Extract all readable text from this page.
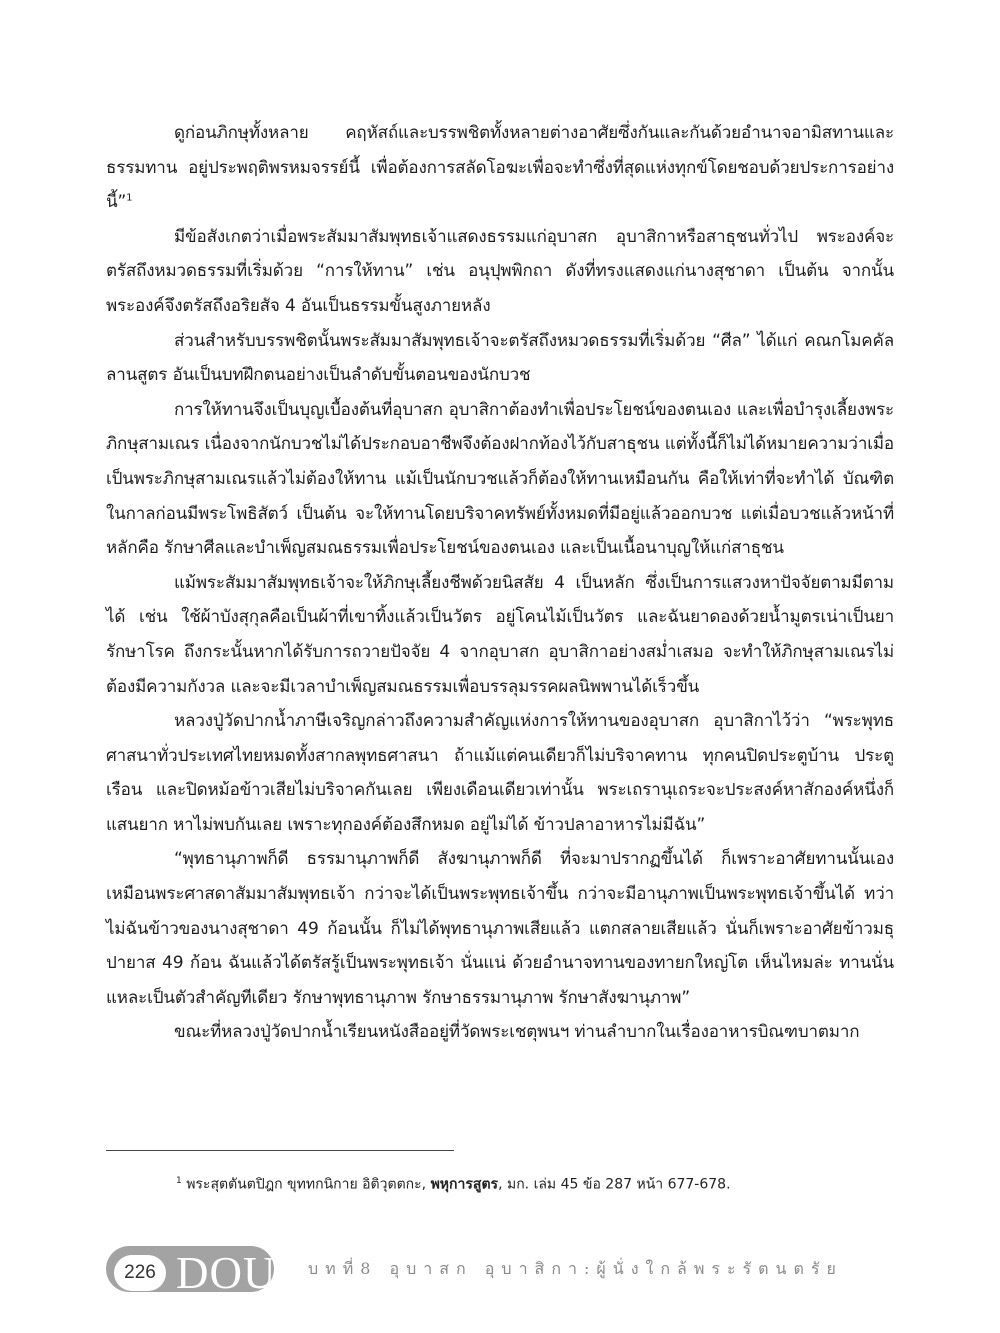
ดูก่อนภิกษุทั้งหลาย คฤหัสถ์และบรรพชิตทั้งหลายต่างอาศัยซึ่งกันและกันด้วยอำนาจอามิสทานและธรรมทาน อยู่ประพฤติพรหมจรรย์นี้ เพื่อต้องการสลัดโอฆะเพื่อจะทำซึ่งที่สุดแห่งทุกข์โดยชอบด้วยประการอย่างนี้”$^1$

มีข้อสังเกตว่าเมื่อพระสัมมาสัมพุทธเจ้าแสดงธรรมแก่อุบาสก อุบาสิกาหรือสาธุชนทั่วไป พระองค์จะตรัสถึงหมวดธรรมที่เริ่มด้วย “การให้ทาน” เช่น อนุปุพพิกถา ดังที่ทรงแสดงแก่นางสุชาดา เป็นต้น จากนั้นพระองค์จึงตรัสถึงอริยสัจ 4 อันเป็นธรรมขั้นสูงภายหลัง

ส่วนสำหรับบรรพชิตนั้นพระสัมมาสัมพุทธเจ้าจะตรัสถึงหมวดธรรมที่เริ่มด้วย “ศีล” ได้แก่ คณกโมคคัลลานสูตร อันเป็นบทฝึกตนอย่างเป็นลำดับขั้นตอนของนักบวช

การให้ทานจึงเป็นบุญเบื้องต้นที่อุบาสก อุบาสิกาต้องทำเพื่อประโยชน์ของตนเอง และเพื่อบำรุงเลี้ยงพระภิกษุสามเณร เนื่องจากนักบวชไม่ได้ประกอบอาชีพจึงต้องฝากท้องไว้กับสาธุชน แต่ทั้งนี้ก็ไม่ได้หมายความว่าเมื่อเป็นพระภิกษุสามเณรแล้วไม่ต้องให้ทาน แม้เป็นนักบวชแล้วก็ต้องให้ทานเหมือนกัน คือให้เท่าที่จะทำได้ บัณฑิตในกาลก่อนมีพระโพธิสัตว์ เป็นต้น จะให้ทานโดยบริจาคทรัพย์ทั้งหมดที่มีอยู่แล้วออกบวช แต่เมื่อบวชแล้วหน้าที่หลักคือ รักษาศีลและบำเพ็ญสมณธรรมเพื่อประโยชน์ของตนเอง และเป็นเนื้อนาบุญให้แก่สาธุชน

แม้พระสัมมาสัมพุทธเจ้าจะให้ภิกษุเลี้ยงชีพด้วยนิสสัย 4 เป็นหลัก ซึ่งเป็นการแสวงหาปัจจัยตามมีตามได้ เช่น ใช้ผ้าบังสุกุลคือเป็นผ้าที่เขาทิ้งแล้วเป็นวัตร อยู่โคนไม้เป็นวัตร และฉันยาดองด้วยน้ำมูตรเน่าเป็นยารักษาโรค ถึงกระนั้นหากได้รับการถวายปัจจัย 4 จากอุบาสก อุบาสิกาอย่างสม่ำเสมอ จะทำให้ภิกษุสามเณรไม่ต้องมีความกังวล และจะมีเวลาบำเพ็ญสมณธรรมเพื่อบรรลุมรรคผลนิพพานได้เร็วขึ้น

หลวงปู่วัดปากน้ำภาษีเจริญกล่าวถึงความสำคัญแห่งการให้ทานของอุบาสก อุบาสิกาไว้ว่า “พระพุทธศาสนาทั่วประเทศไทยหมดทั้งสากลพุทธศาสนา ถ้าแม้แต่คนเดียวก็ไม่บริจาคทาน ทุกคนปิดประตูบ้าน ประตูเรือน และปิดหม้อข้าวเสียไม่บริจาคกันเลย เพียงเดือนเดียวเท่านั้น พระเถรานุเถระจะประสงค์หาสักองค์หนึ่งก็แสนยาก หาไม่พบกันเลย เพราะทุกองค์ต้องสึกหมด อยู่ไม่ได้ ข้าวปลาอาหารไม่มีฉัน”

“พุทธานุภาพก็ดี ธรรมานุภาพก็ดี สังฆานุภาพก็ดี ที่จะมาปรากฏขึ้นได้ ก็เพราะอาศัยทานนั้นเอง เหมือนพระศาสดาสัมมาสัมพุทธเจ้า กว่าจะได้เป็นพระพุทธเจ้าขึ้น กว่าจะมีอานุภาพเป็นพระพุทธเจ้าขึ้นได้ ทว่าไม่ฉันข้าวของนางสุชาดา 49 ก้อนนั้น ก็ไม่ได้พุทธานุภาพเสียแล้ว แตกสลายเสียแล้ว นั่นก็เพราะอาศัยข้าวมธุปายาส 49 ก้อน ฉันแล้วได้ตรัสรู้เป็นพระพุทธเจ้า นั่นแน่ ด้วยอำนาจทานของทายกใหญ่โต เห็นไหมล่ะ ทานนั่นแหละเป็นตัวสำคัญทีเดียว รักษาพุทธานุภาพ รักษาธรรมานุภาพ รักษาสังฆานุภาพ”

ขณะที่หลวงปู่วัดปากน้ำเรียนหนังสืออยู่ที่วัดพระเชตุพนฯ ท่านลำบากในเรื่องอาหารบิณฑบาตมาก

$^1$ พระสุตตันตปิฎก ขุททกนิกาย อิติวุตตกะ, พหุการสูตร, มก. เล่ม 45 ข้อ 287 หน้า 677-678.
226 DOU บทที่8 อุบาสก อุบาสิกา:ผู้นั่งใกล้พระรัตนตรัย
